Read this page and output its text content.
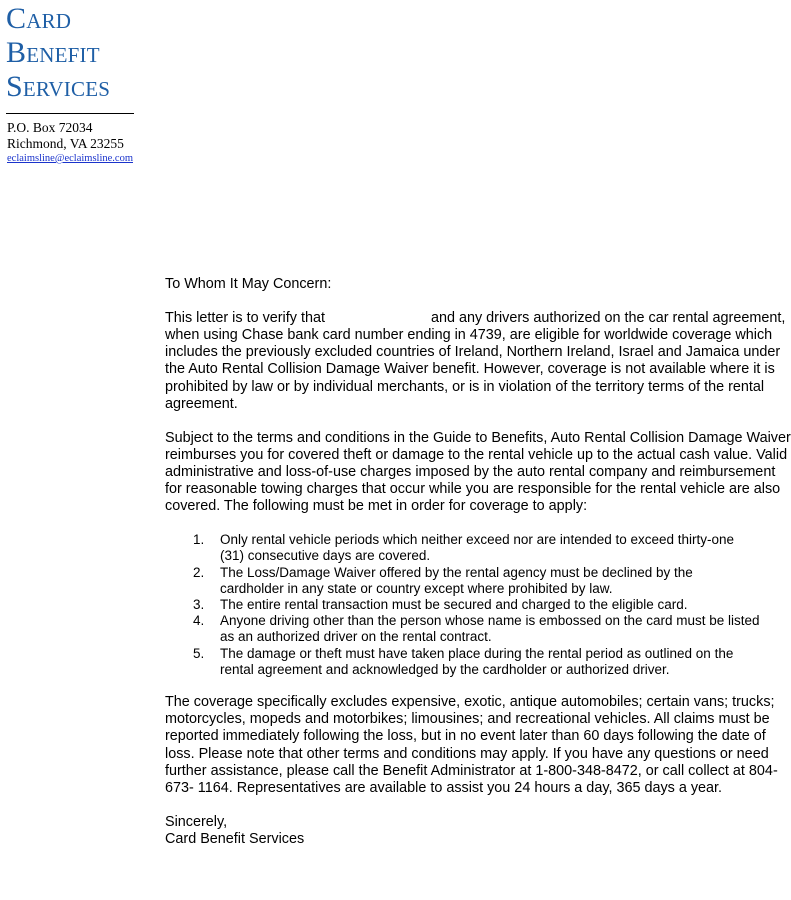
Card
Benefit
Services
P.O. Box 72034
Richmond, VA 23255
eclaimsline@eclaimsline.com

To Whom It May Concern:

This letter is to verify that	and any drivers authorized on the car rental agreement, when using Chase bank card number ending in 4739, are eligible for worldwide coverage which includes the previously excluded countries of Ireland, Northern Ireland, Israel and Jamaica under the Auto Rental Collision Damage Waiver benefit. However, coverage is not available where it is prohibited by law or by individual merchants, or is in violation of the territory terms of the rental agreement.

Subject to the terms and conditions in the Guide to Benefits, Auto Rental Collision Damage Waiver reimburses you for covered theft or damage to the rental vehicle up to the actual cash value. Valid administrative and loss-of-use charges imposed by the auto rental company and reimbursement for reasonable towing charges that occur while you are responsible for the rental vehicle are also covered. The following must be met in order for coverage to apply:

1. Only rental vehicle periods which neither exceed nor are intended to exceed thirty-one (31) consecutive days are covered.
2. The Loss/Damage Waiver offered by the rental agency must be declined by the cardholder in any state or country except where prohibited by law.
3. The entire rental transaction must be secured and charged to the eligible card.
4. Anyone driving other than the person whose name is embossed on the card must be listed as an authorized driver on the rental contract.
5. The damage or theft must have taken place during the rental period as outlined on the rental agreement and acknowledged by the cardholder or authorized driver.

The coverage specifically excludes expensive, exotic, antique automobiles; certain vans; trucks; motorcycles, mopeds and motorbikes; limousines; and recreational vehicles. All claims must be reported immediately following the loss, but in no event later than 60 days following the date of loss. Please note that other terms and conditions may apply. If you have any questions or need further assistance, please call the Benefit Administrator at 1-800-348-8472, or call collect at 804-673- 1164. Representatives are available to assist you 24 hours a day, 365 days a year.

Sincerely,
Card Benefit Services
